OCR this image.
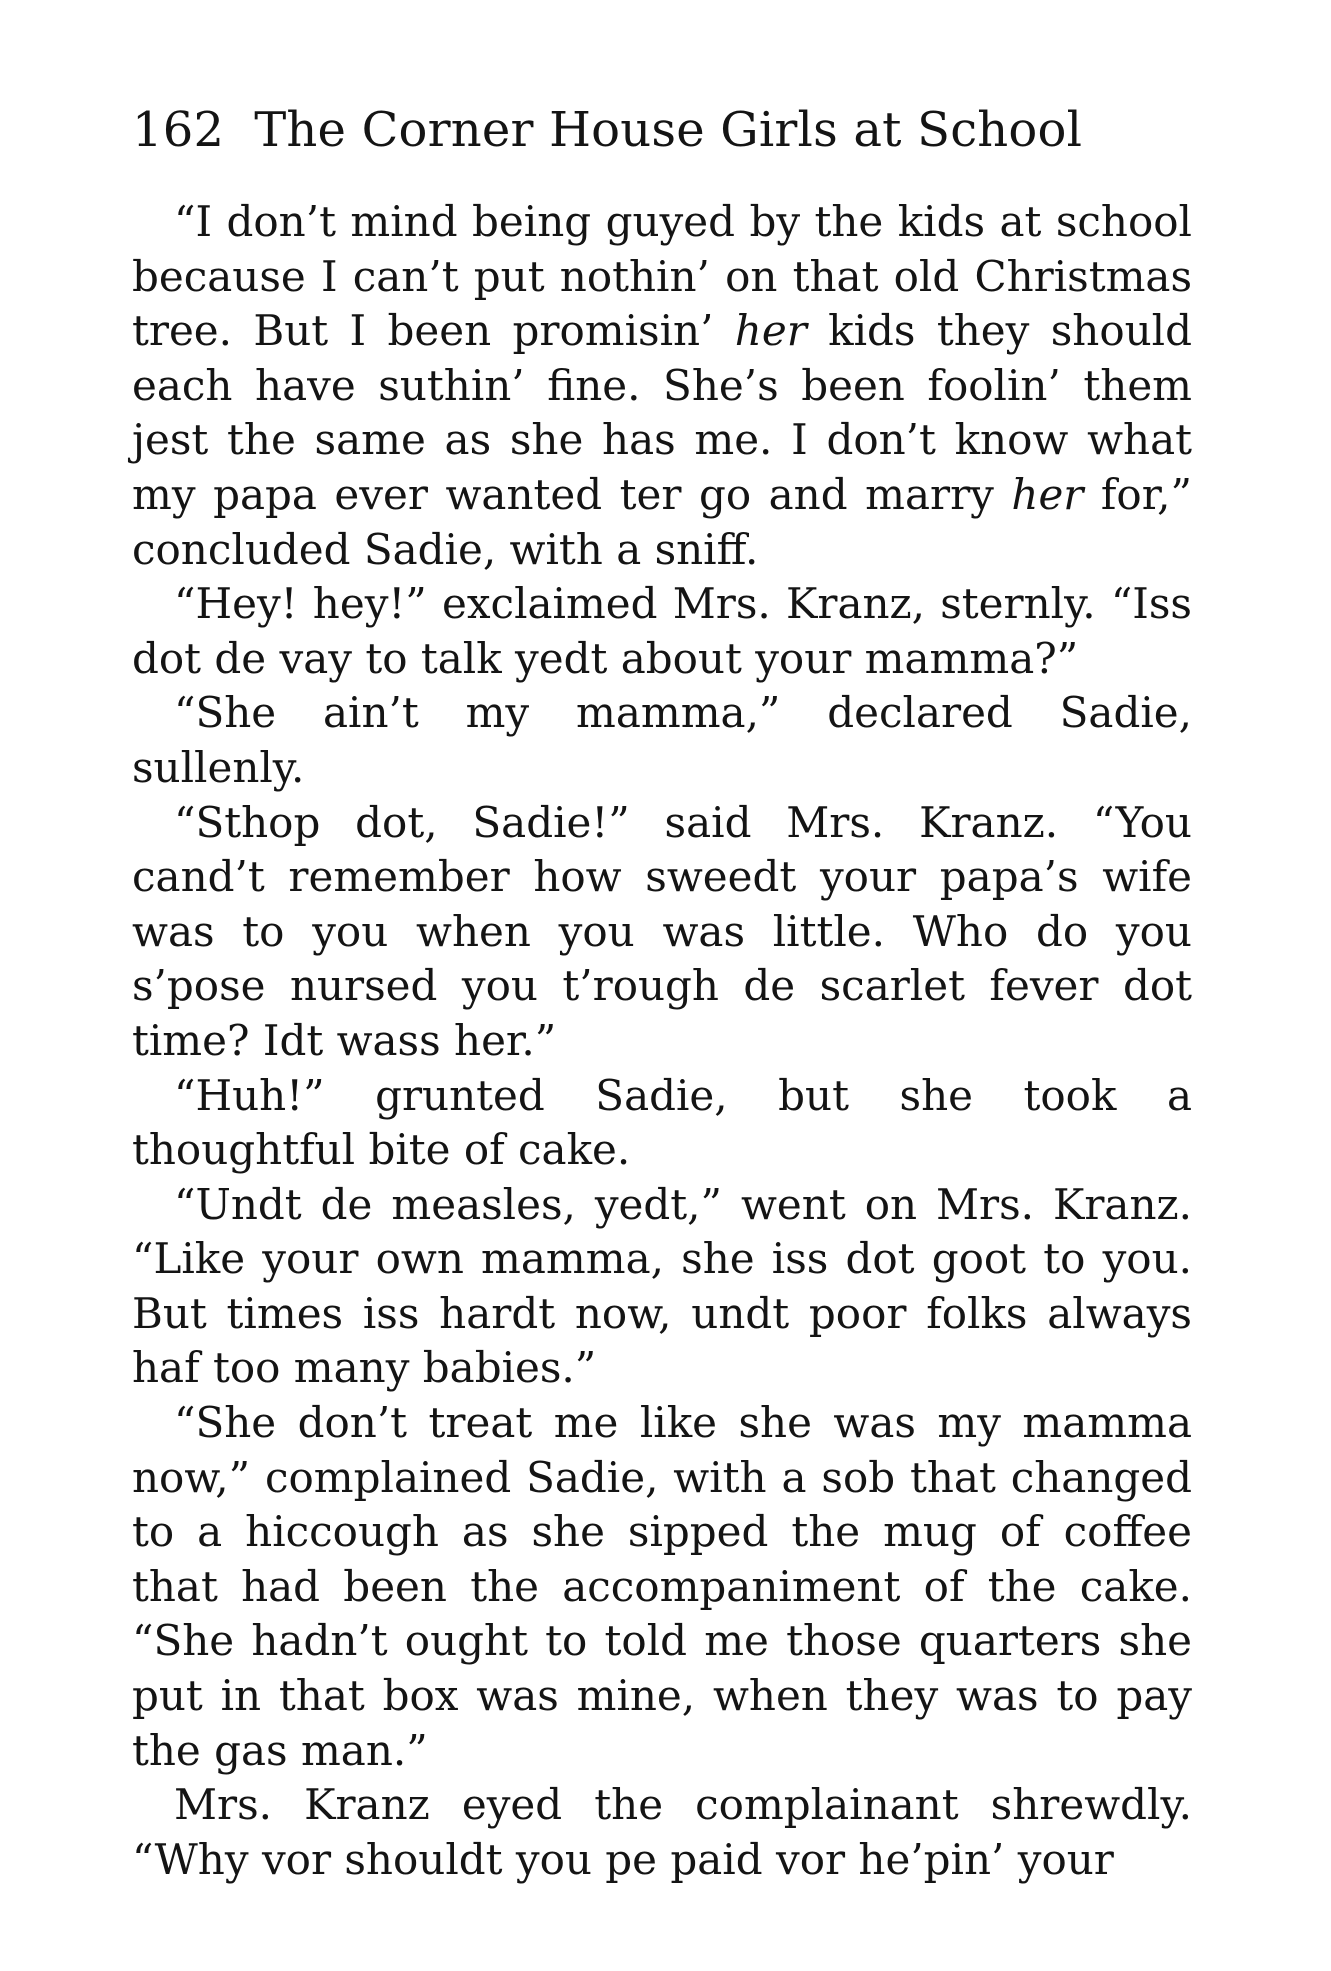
162 The Corner House Girls at School

“I don’t mind being guyed by the kids at school because I can’t put nothin’ on that old Christmas tree. But I been promisin’ her kids they should each have suthin’ fine. She’s been foolin’ them jest the same as she has me. I don’t know what my papa ever wanted ter go and marry her for,” concluded Sadie, with a sniff.

“Hey! hey!” exclaimed Mrs. Kranz, sternly. “Iss dot de vay to talk yedt about your mamma?”

“She ain’t my mamma,” declared Sadie, sullenly.

“Sthop dot, Sadie!” said Mrs. Kranz. “You cand’t remember how sweedt your papa’s wife was to you when you was little. Who do you s’pose nursed you t’rough de scarlet fever dot time? Idt wass her.”

“Huh!” grunted Sadie, but she took a thoughtful bite of cake.

“Undt de measles, yedt,” went on Mrs. Kranz. “Like your own mamma, she iss dot goot to you. But times iss hardt now, undt poor folks always haf too many babies.”

“She don’t treat me like she was my mamma now,” complained Sadie, with a sob that changed to a hiccough as she sipped the mug of coffee that had been the accompaniment of the cake. “She hadn’t ought to told me those quarters she put in that box was mine, when they was to pay the gas man.”

Mrs. Kranz eyed the complainant shrewdly. “Why vor shouldt you pe paid vor he’pin’ your
